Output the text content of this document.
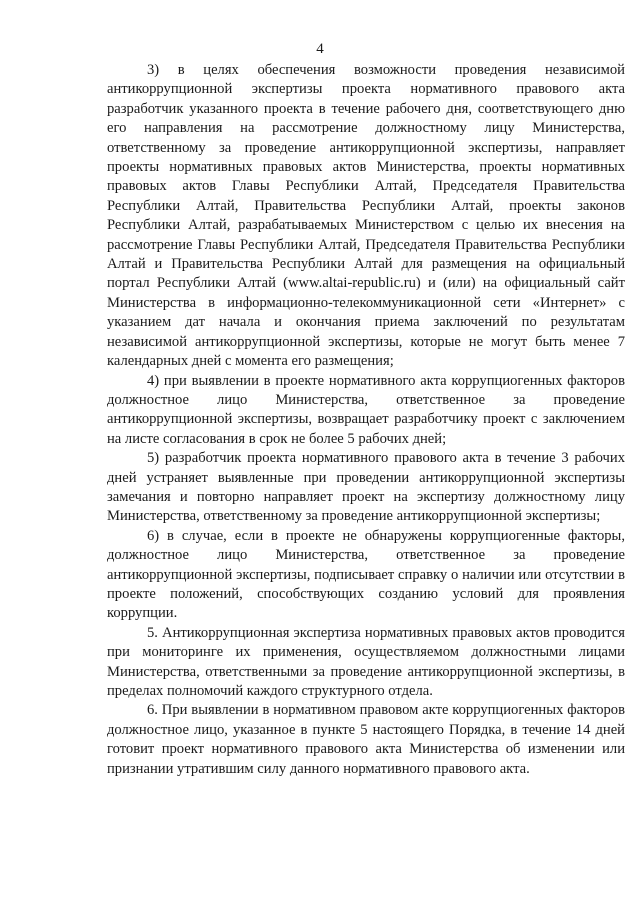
4

3) в целях обеспечения возможности проведения независимой антикоррупционной экспертизы проекта нормативного правового акта разработчик указанного проекта в течение рабочего дня, соответствующего дню его направления на рассмотрение должностному лицу Министерства, ответственному за проведение антикоррупционной экспертизы, направляет проекты нормативных правовых актов Министерства, проекты нормативных правовых актов Главы Республики Алтай, Председателя Правительства Республики Алтай, Правительства Республики Алтай, проекты законов Республики Алтай, разрабатываемых Министерством с целью их внесения на рассмотрение Главы Республики Алтай, Председателя Правительства Республики Алтай и Правительства Республики Алтай для размещения на официальный портал Республики Алтай (www.altai-republic.ru) и (или) на официальный сайт Министерства в информационно-телекоммуникационной сети «Интернет» с указанием дат начала и окончания приема заключений по результатам независимой антикоррупционной экспертизы, которые не могут быть менее 7 календарных дней с момента его размещения;

4) при выявлении в проекте нормативного акта коррупциогенных факторов должностное лицо Министерства, ответственное за проведение антикоррупционной экспертизы, возвращает разработчику проект с заключением на листе согласования в срок не более 5 рабочих дней;

5) разработчик проекта нормативного правового акта в течение 3 рабочих дней устраняет выявленные при проведении антикоррупционной экспертизы замечания и повторно направляет проект на экспертизу должностному лицу Министерства, ответственному за проведение антикоррупционной экспертизы;

6) в случае, если в проекте не обнаружены коррупциогенные факторы, должностное лицо Министерства, ответственное за проведение антикоррупционной экспертизы, подписывает справку о наличии или отсутствии в проекте положений, способствующих созданию условий для проявления коррупции.

5. Антикоррупционная экспертиза нормативных правовых актов проводится при мониторинге их применения, осуществляемом должностными лицами Министерства, ответственными за проведение антикоррупционной экспертизы, в пределах полномочий каждого структурного отдела.

6. При выявлении в нормативном правовом акте коррупциогенных факторов должностное лицо, указанное в пункте 5 настоящего Порядка, в течение 14 дней готовит проект нормативного правового акта Министерства об изменении или признании утратившим силу данного нормативного правового акта.
